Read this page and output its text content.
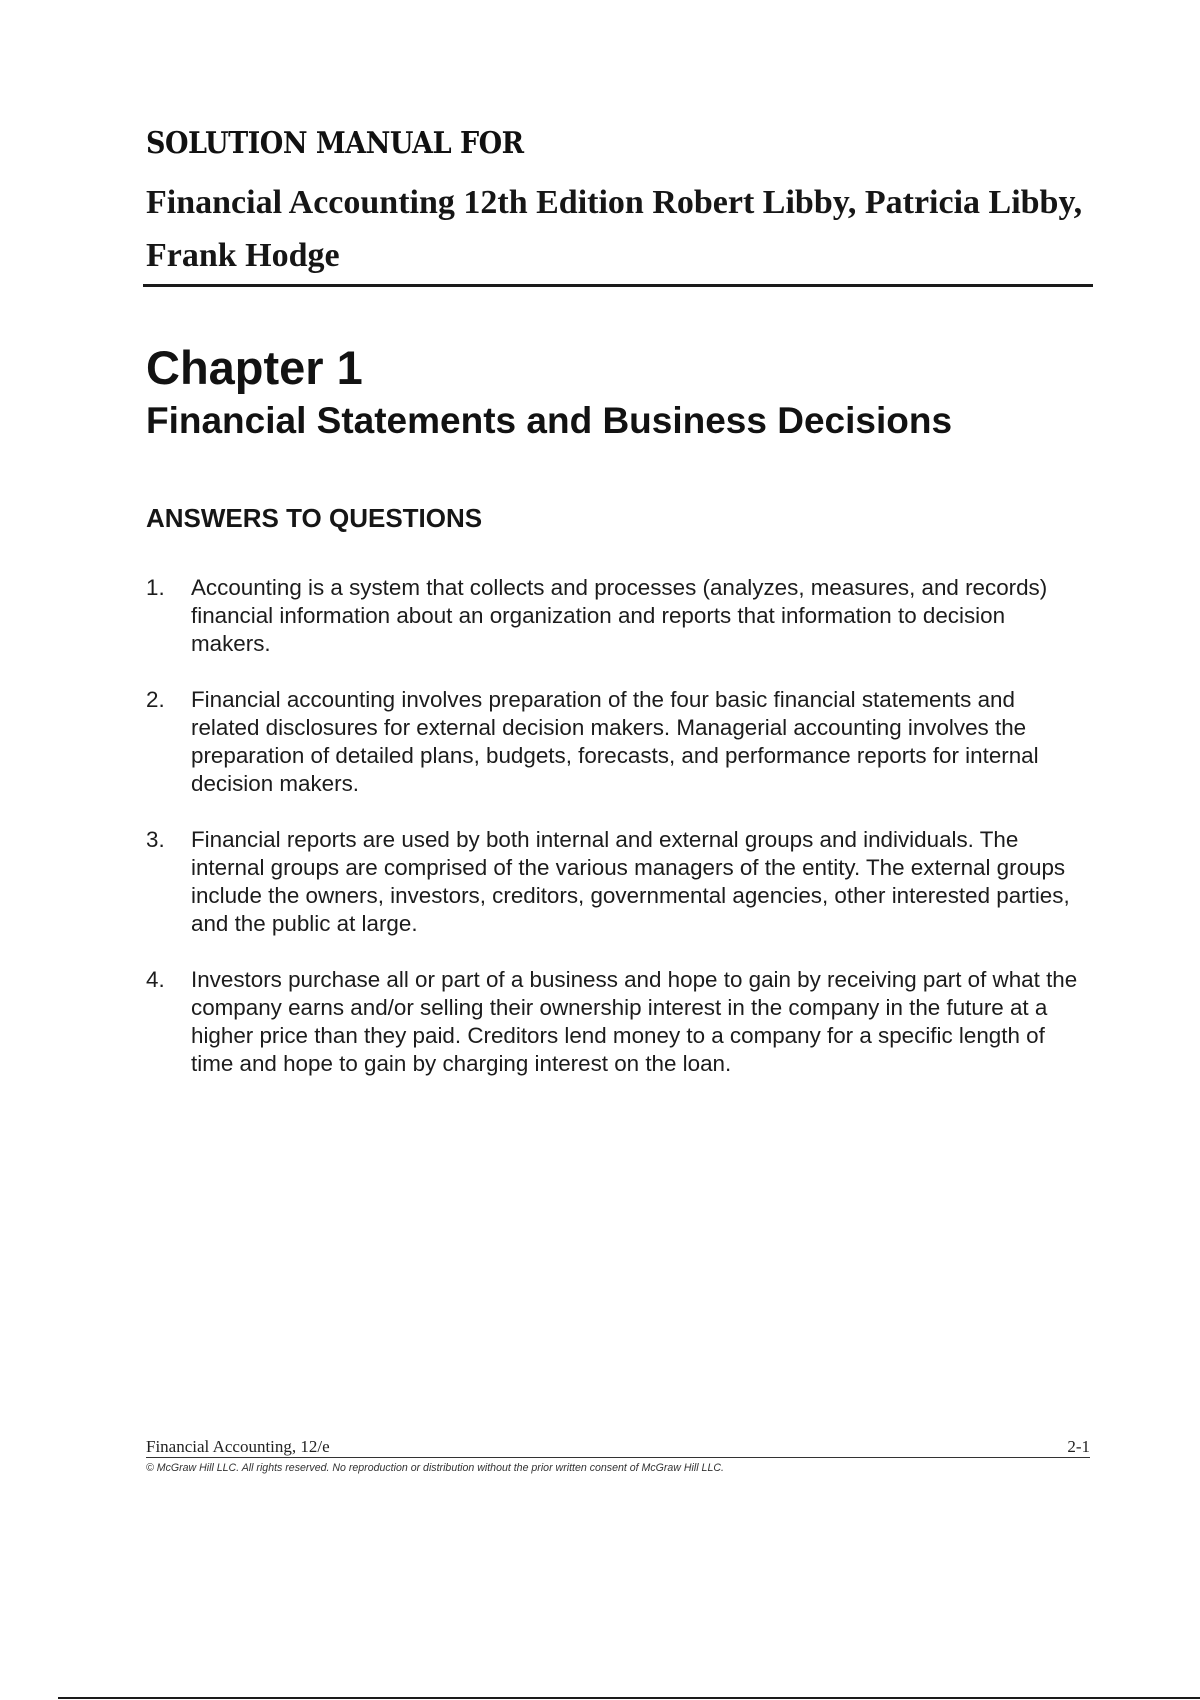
SOLUTION MANUAL FOR
Financial Accounting 12th Edition Robert Libby, Patricia Libby, Frank Hodge
Chapter 1
Financial Statements and Business Decisions
ANSWERS TO QUESTIONS
1. Accounting is a system that collects and processes (analyzes, measures, and records) financial information about an organization and reports that information to decision makers.
2. Financial accounting involves preparation of the four basic financial statements and related disclosures for external decision makers. Managerial accounting involves the preparation of detailed plans, budgets, forecasts, and performance reports for internal decision makers.
3. Financial reports are used by both internal and external groups and individuals. The internal groups are comprised of the various managers of the entity. The external groups include the owners, investors, creditors, governmental agencies, other interested parties, and the public at large.
4. Investors purchase all or part of a business and hope to gain by receiving part of what the company earns and/or selling their ownership interest in the company in the future at a higher price than they paid. Creditors lend money to a company for a specific length of time and hope to gain by charging interest on the loan.
Financial Accounting, 12/e	2-1
© McGraw Hill LLC. All rights reserved. No reproduction or distribution without the prior written consent of McGraw Hill LLC.
